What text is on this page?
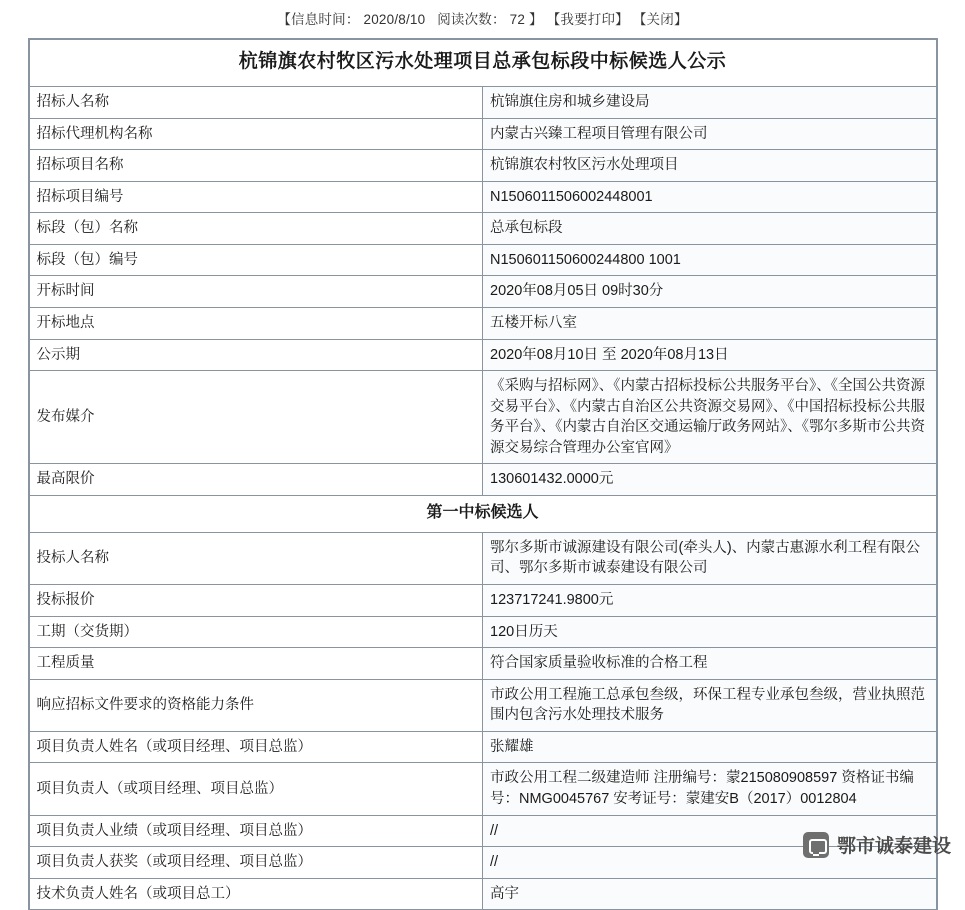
【信息时间： 2020/8/10 阅读次数： 72 】 【我要打印】 【关闭】
杭锦旗农村牧区污水处理项目总承包标段中标候选人公示	
招标人名称	杭锦旗住房和城乡建设局
招标代理机构名称	内蒙古兴臻工程项目管理有限公司
招标项目名称	杭锦旗农村牧区污水处理项目
招标项目编号	N1506011506002448001
标段（包）名称	总承包标段
标段（包）编号	N150601150600244800 1001
开标时间	2020年08月05日 09时30分
开标地点	五楼开标八室
公示期	2020年08月10日 至 2020年08月13日
发布媒介	《采购与招标网》、《内蒙古招标投标公共服务平台》、《全国公共资源交易平台》、《内蒙古自治区公共资源交易网》、《中国招标投标公共服务平台》、《内蒙古自治区交通运输厅政务网站》、《鄂尔多斯市公共资源交易综合管理办公室官网》
最高限价	130601432.0000元
第一中标候选人	
投标人名称	鄂尔多斯市诚源建设有限公司(牵头人)、内蒙古惠源水利工程有限公司、鄂尔多斯市诚泰建设有限公司
投标报价	123717241.9800元
工期（交货期）	120日历天
工程质量	符合国家质量验收标准的合格工程
响应招标文件要求的资格能力条件	市政公用工程施工总承包叁级，环保工程专业承包叁级，营业执照范围内包含污水处理技术服务
项目负责人姓名（或项目经理、项目总监）	张耀雄
项目负责人（或项目经理、项目总监）	市政公用工程二级建造师 注册编号：蒙215080908597 资格证书编号：NMG0045767 安考证号：蒙建安B（2017）0012804
项目负责人业绩（或项目经理、项目总监）	//
项目负责人获奖（或项目经理、项目总监）	//
技术负责人姓名（或项目总工）	高宇
鄂市诚泰建设
